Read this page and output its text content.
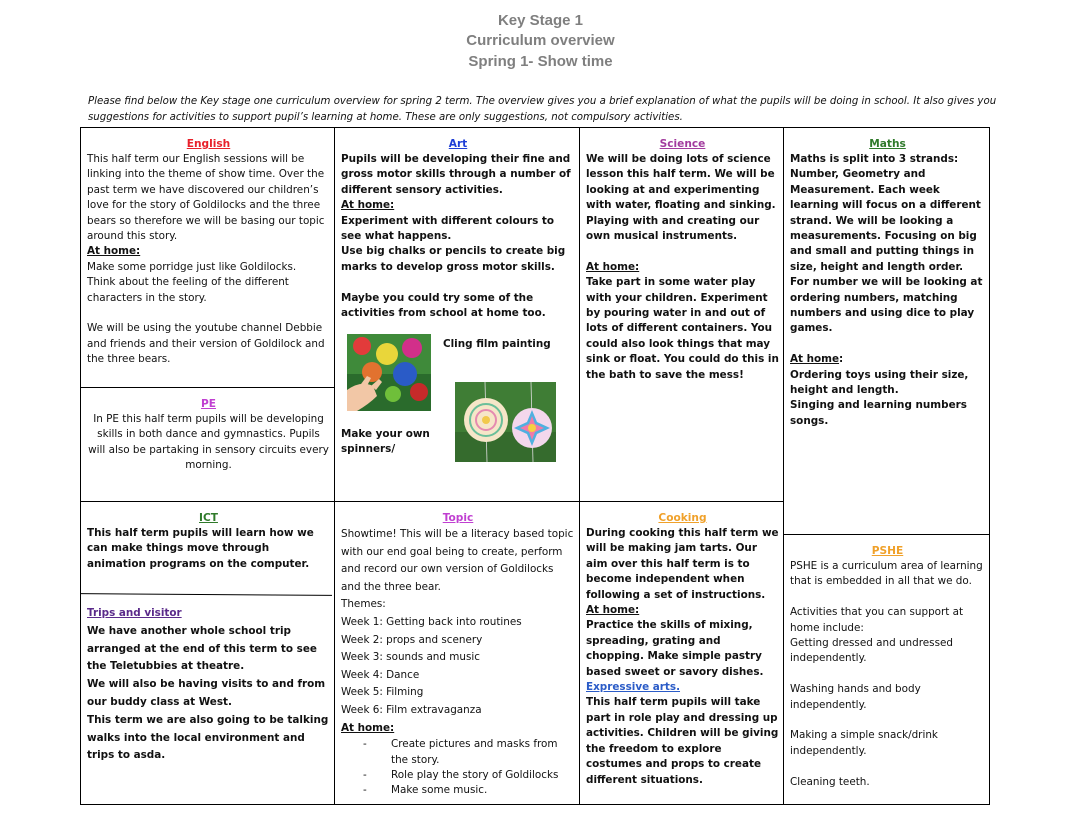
Key Stage 1
Curriculum overview
Spring 1- Show time
Please find below the Key stage one curriculum overview for spring 2 term. The overview gives you a brief explanation of what the pupils will be doing in school. It also gives you suggestions for activities to support pupil’s learning at home. These are only suggestions, not compulsory activities.

English

This half term our English sessions will be linking into the theme of show time. Over the past term we have discovered our children’s love for the story of Goldilocks and the three bears so therefore we will be basing our topic around this story.

At home:

Make some porridge just like Goldilocks.

Think about the feeling of the different characters in the story.

We will be using the youtube channel Debbie and friends and their version of Goldilock and the three bears.

PE

In PE this half term pupils will be developing skills in both dance and gymnastics. Pupils will also be partaking in sensory circuits every morning.

Art

Pupils will be developing their fine and gross motor skills through a number of different sensory activities.

At home:

Experiment with different colours to see what happens.

Use big chalks or pencils to create big marks to develop gross motor skills.

Maybe you could try some of the activities from school at home too.

Cling film painting
Make your own spinners/

Science

We will be doing lots of science lesson this half term. We will be looking at and experimenting with water, floating and sinking. Playing with and creating our own musical instruments.

At home:

Take part in some water play with your children. Experiment by pouring water in and out of lots of different containers. You could also look things that may sink or float. You could do this in the bath to save the mess!

Maths

Maths is split into 3 strands: Number, Geometry and Measurement. Each week learning will focus on a different strand. We will be looking a measurements. Focusing on big and small and putting things in size, height and length order. For number we will be looking at ordering numbers, matching numbers and using dice to play games.

At home:

Ordering toys using their size, height and length.

Singing and learning numbers songs.

ICT

This half term pupils will learn how we can make things move through animation programs on the computer.

Trips and visitor

We have another whole school trip arranged at the end of this term to see the Teletubbies at theatre.

We will also be having visits to and from our buddy class at West.

This term we are also going to be talking walks into the local environment and trips to asda.

Topic

Showtime! This will be a literacy based topic with our end goal being to create, perform and record our own version of Goldilocks and the three bear.

Themes:

Week 1: Getting back into routines

Week 2: props and scenery

Week 3: sounds and music

Week 4: Dance

Week 5: Filming

Week 6: Film extravaganza

At home:

- Create pictures and masks from the story.
- Role play the story of Goldilocks
- Make some music.

Cooking

During cooking this half term we will be making jam tarts. Our aim over this half term is to become independent when following a set of instructions.

At home:

Practice the skills of mixing, spreading, grating and chopping. Make simple pastry based sweet or savory dishes.

Expressive arts.

This half term pupils will take part in role play and dressing up activities. Children will be giving the freedom to explore costumes and props to create different situations.

PSHE

PSHE is a curriculum area of learning that is embedded in all that we do.

Activities that you can support at home include:

Getting dressed and undressed independently.

Washing hands and body independently.

Making a simple snack/drink independently.

Cleaning teeth.
